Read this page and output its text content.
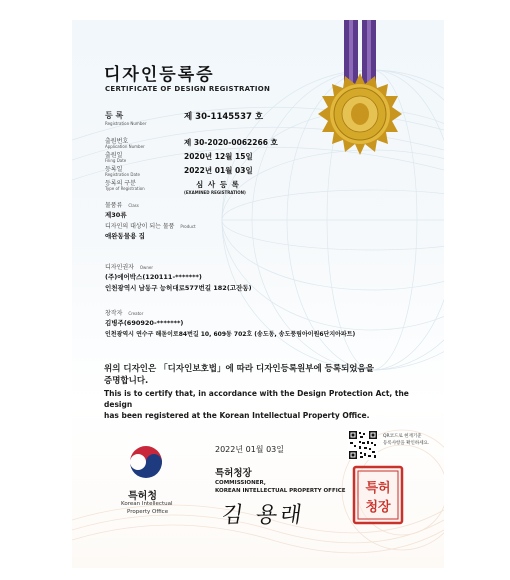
디자인등록증
CERTIFICATE OF DESIGN REGISTRATION
등 록
Registration Number
제 30-1145537 호
출원번호
Application Number	제 30-2020-0062266 호
출원일
Filing Date	2020년 12월 15일
등록일
Registration Date	2022년 01월 03일
등록의 구분
Type of Registration	심 사 등 록
(EXAMINED REGISTRATION)
물품류 Class
제30류
디자인의 대상이 되는 물품 Product
애완동물용 집
디자인권자 Owner
(주)에어박스(120111-*******)
인천광역시 남동구 능허대로577번길 182(고잔동)
창작자 Creator
김병주(690920-*******)
인천광역시 연수구 해돋이로84번길 10, 609동 702호 (송도동, 송도풍림아이원6단지아파트)
위의 디자인은 「디자인보호법」에 따라 디자인등록원부에 등록되었음을
증명합니다.
This is to certify that, in accordance with the Design Protection Act, the design
has been registered at the Korean Intellectual Property Office.
특허청
Korean Intellectual
Property Office
2022년 01월 03일
특허청장
COMMISSIONER,
KOREAN INTELLECTUAL PROPERTY OFFICE
김 용래
QR코드로 현재기준
등록사항을 확인하세요.
특허
청장
